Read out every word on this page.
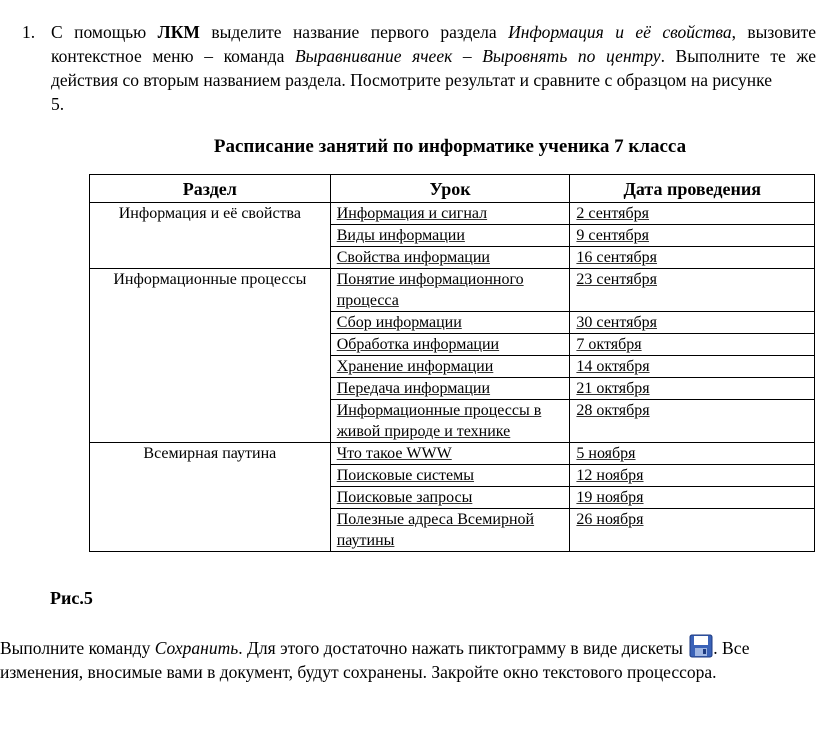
1. С помощью ЛКМ выделите название первого раздела Информация и её свойства, вызовите
контекстное меню – команда Выравнивание ячеек – Выровнять по центру. Выполните те же
действия со вторым названием раздела. Посмотрите результат и сравните с образцом на рисунке
5.
Расписание занятий по информатике ученика 7 класса
Раздел	Урок	Дата проведения
Информация и её свойства	Информация и сигнал	2 сентября
	Виды информации	9 сентября
	Свойства информации	16 сентября
Информационные процессы	Понятие информационного процесса	23 сентября
	Сбор информации	30 сентября
	Обработка информации	7 октября
	Хранение информации	14 октября
	Передача информации	21 октября
	Информационные процессы в живой природе и технике	28 октября
Всемирная паутина	Что такое WWW	5 ноября
	Поисковые системы	12 ноября
	Поисковые запросы	19 ноября
	Полезные адреса Всемирной паутины	26 ноября
Рис.5
Выполните команду Сохранить. Для этого достаточно нажать пиктограмму в виде дискеты . Все
изменения, вносимые вами в документ, будут сохранены. Закройте окно текстового процессора.
